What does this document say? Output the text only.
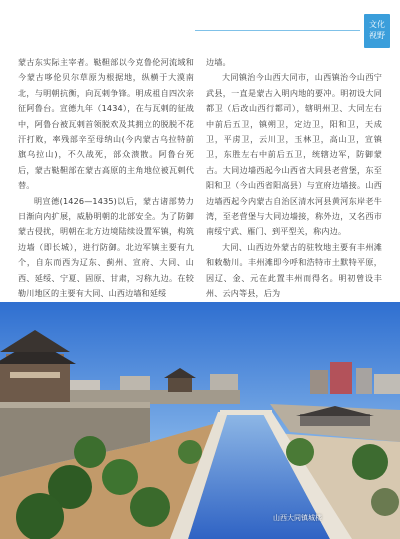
文化
视野

蒙古东实际主宰者。鞑靼部以今克鲁伦河流域和今蒙古哆伦贝尔草原为根据地，纵横于大漠南北，与明朝抗衡，向瓦剌争锋。明成祖自四次亲征阿鲁台。宣德九年（1434），在与瓦剌的征战中，阿鲁台被瓦剌首领脱欢及其拥立的脱脱不花汗打败，率残部辛至母纳山(今内蒙古乌拉特前旗乌拉山)，不久战死，部众溃散。阿鲁台死后，蒙古鞑靼部在蒙古高原的主角地位被瓦剌代替。

明宣德(1426—1435)以后，蒙古诸部势力日渐向内扩展，威胁明朝的北部安全。为了防御蒙古侵扰，明朝在北方边境陆续设置军镇，构筑边墙（即长城），进行防御。北边军镇主要有九个，自东而西为辽东、蓟州、宣府、大同、山西、延绥、宁夏、固原、甘肃，习称九边。在较勒川地区的主要有大同、山西边墙和延绥

边墙。

大同镇治今山西大同市，山西镇治今山西宁武县，一直是蒙古入明内地的要冲。明初设大同都卫（后改山西行都司），辖明州卫、大同左右中前后五卫，镇朔卫，定边卫，阳和卫，天成卫，平虏卫，云川卫，玉林卫，高山卫，宣镇卫，东胜左右中前后五卫，统辖边军，防御蒙古。大同边墙西起今山西省大同县老营堡，东至阳和卫（今山西省阳高县）与宣府边墙接。山西边墙西起今内蒙古自治区清水河县黄河东岸老牛湾，至老营堡与大同边墙接，称外边，又名西市南绥宁武、雁门、到平型关，称内边。

大同、山西边外蒙古的驻牧地主要有丰州滩和敕勒川。丰州滩即今呼和浩特市土默特平原，因辽、金、元在此置丰州而得名。明初曾设丰州、云内等县，后为

山西大同镇城楼
